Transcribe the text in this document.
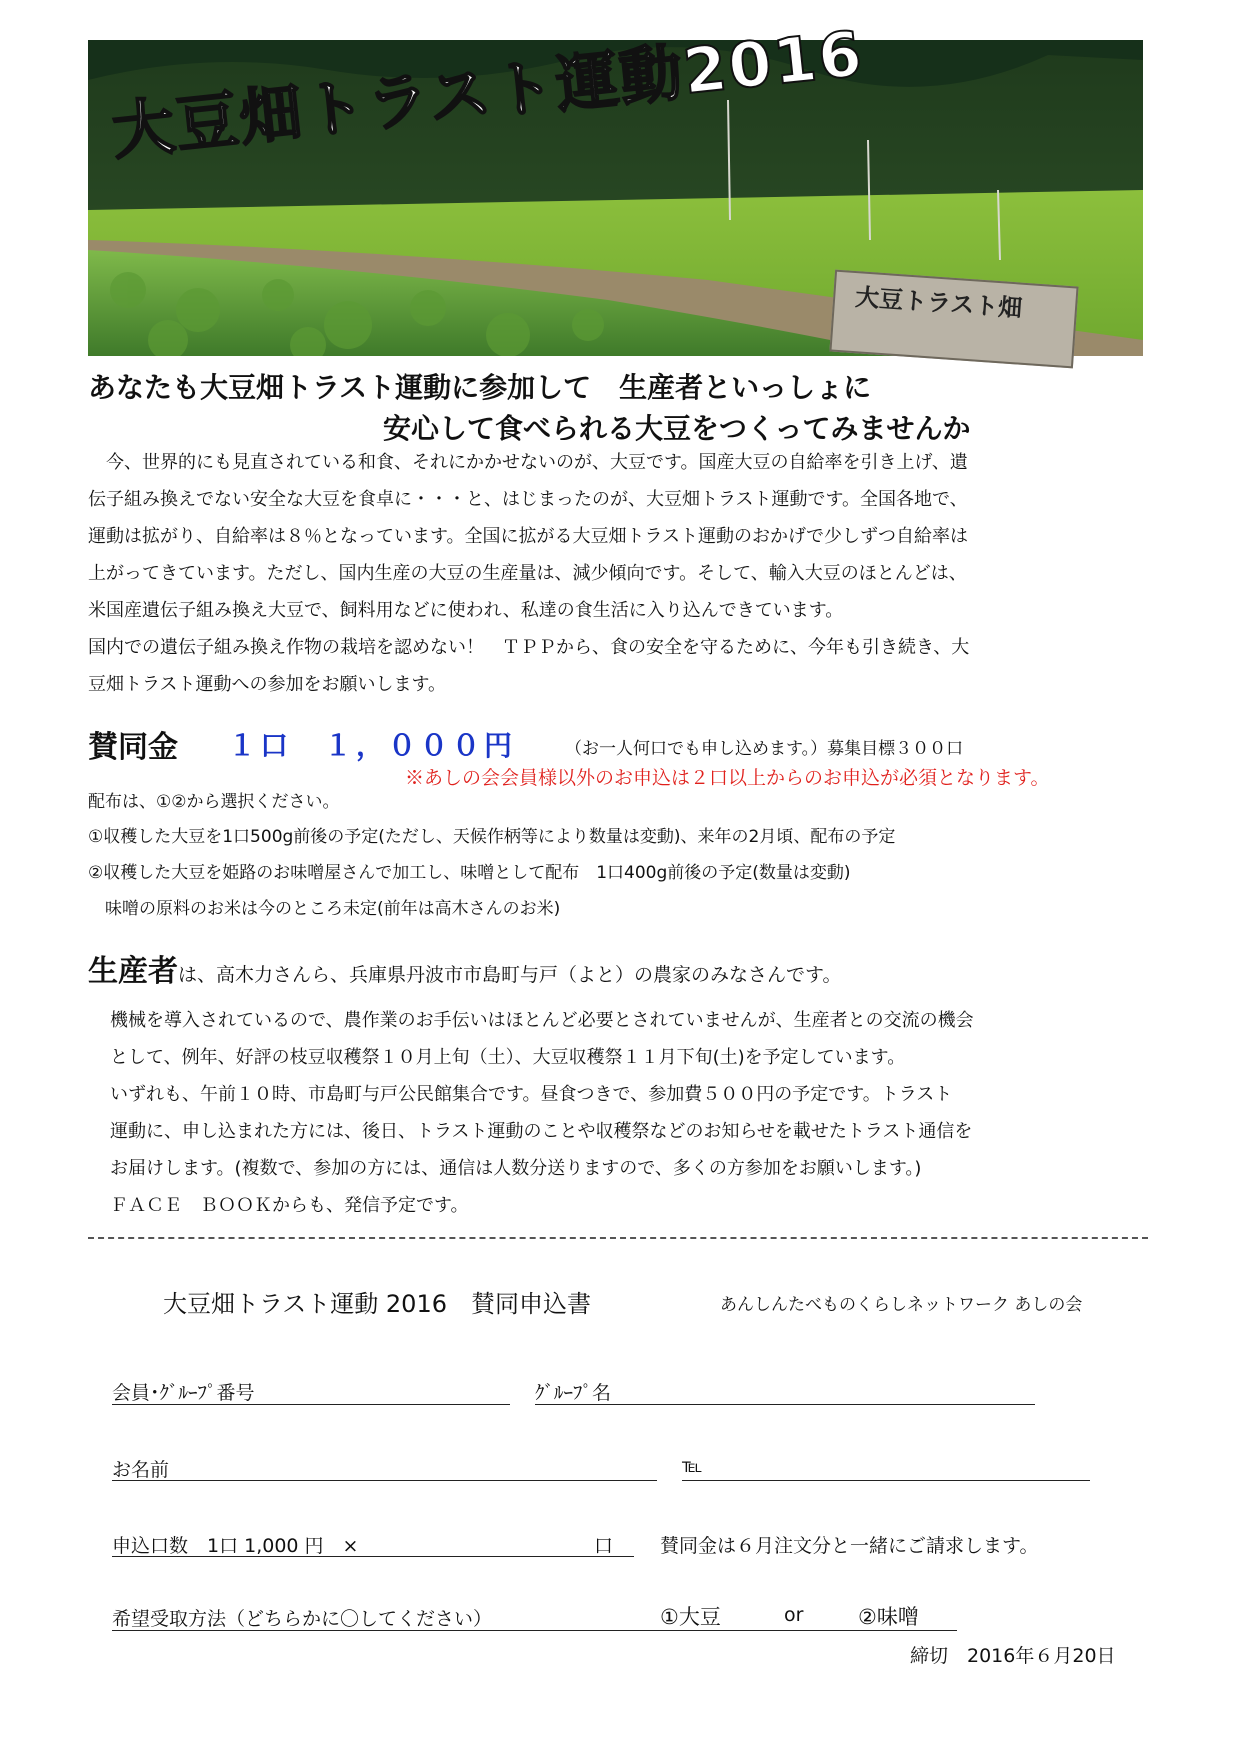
大豆畑トラスト運動2016
大豆トラスト畑
あなたも大豆畑トラスト運動に参加して　生産者といっしょに
安心して食べられる大豆をつくってみませんか
　今、世界的にも見直されている和食、それにかかせないのが、大豆です。国産大豆の自給率を引き上げ、遺
伝子組み換えでない安全な大豆を食卓に・・・と、はじまったのが、大豆畑トラスト運動です。全国各地で、
運動は拡がり、自給率は８％となっています。全国に拡がる大豆畑トラスト運動のおかげで少しずつ自給率は
上がってきています。ただし、国内生産の大豆の生産量は、減少傾向です。そして、輸入大豆のほとんどは、
米国産遺伝子組み換え大豆で、飼料用などに使われ、私達の食生活に入り込んできています。
国内での遺伝子組み換え作物の栽培を認めない！　ＴＰＰから、食の安全を守るために、今年も引き続き、大
豆畑トラスト運動への参加をお願いします。
賛同金 １口　１，０００円	（お一人何口でも申し込めます。）募集目標３００口
※あしの会会員様以外のお申込は２口以上からのお申込が必須となります。
配布は、①②から選択ください。
①収穫した大豆を1口500g前後の予定(ただし、天候作柄等により数量は変動)、来年の2月頃、配布の予定
②収穫した大豆を姫路のお味噌屋さんで加工し、味噌として配布　1口400g前後の予定(数量は変動)
　味噌の原料のお米は今のところ未定(前年は高木さんのお米)
生産者は、高木力さんら、兵庫県丹波市市島町与戸（よと）の農家のみなさんです。
機械を導入されているので、農作業のお手伝いはほとんど必要とされていませんが、生産者との交流の機会
として、例年、好評の枝豆収穫祭１０月上旬（土）、大豆収穫祭１１月下旬(土)を予定しています。
いずれも、午前１０時、市島町与戸公民館集合です。昼食つきで、参加費５００円の予定です。トラスト
運動に、申し込まれた方には、後日、トラスト運動のことや収穫祭などのお知らせを載せたトラスト通信を
お届けします。(複数で、参加の方には、通信は人数分送りますので、多くの方参加をお願いします。)
ＦＡＣＥ　ＢＯＯＫからも、発信予定です。
大豆畑トラスト運動 2016　賛同申込書	あんしんたべものくらしネットワーク あしの会
会員･ｸﾞﾙｰﾌﾟ番号	ｸﾞﾙｰﾌﾟ名
お名前	℡
申込口数　1口 1,000 円　×	口 賛同金は６月注文分と一緒にご請求します。
希望受取方法（どちらかに〇してください）	①大豆	or	②味噌
締切　2016年６月20日
